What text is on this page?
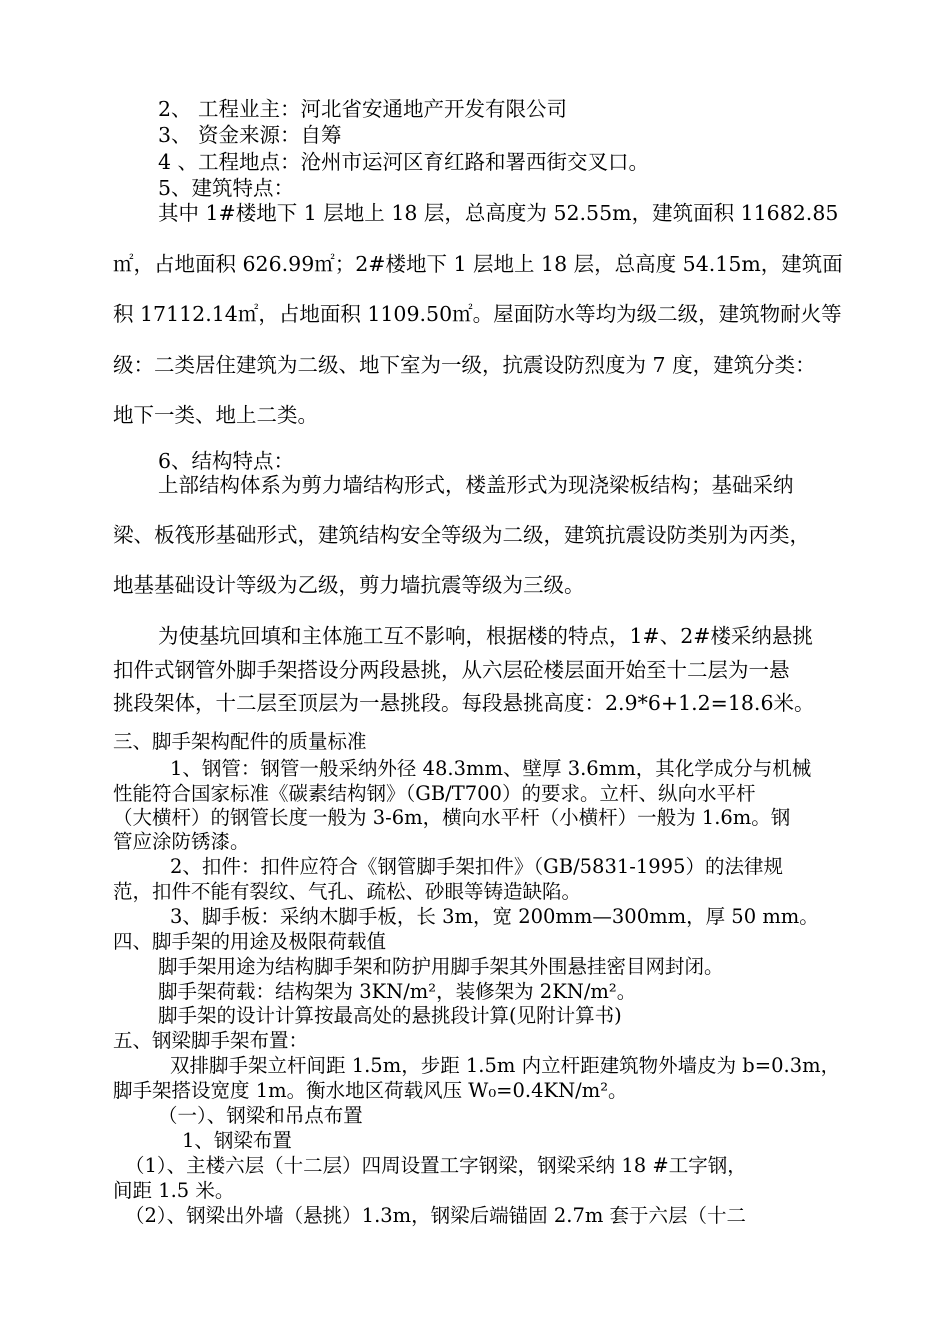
2、 工程业主：河北省安通地产开发有限公司

3、 资金来源：自筹

4 、工程地点：沧州市运河区育红路和署西街交叉口。

5、建筑特点：

其中 1#楼地下 1 层地上 18 层，总高度为 52.55m，建筑面积 11682.85

㎡，占地面积 626.99㎡；2#楼地下 1 层地上 18 层，总高度 54.15m，建筑面

积 17112.14㎡，占地面积 1109.50㎡。屋面防水等均为级二级，建筑物耐火等

级：二类居住建筑为二级、地下室为一级，抗震设防烈度为 7 度，建筑分类：

地下一类、地上二类。

6、结构特点：

上部结构体系为剪力墙结构形式，楼盖形式为现浇梁板结构；基础采纳

梁、板筏形基础形式，建筑结构安全等级为二级，建筑抗震设防类别为丙类，

地基基础设计等级为乙级，剪力墙抗震等级为三级。

为使基坑回填和主体施工互不影响，根据楼的特点，1#、2#楼采纳悬挑

扣件式钢管外脚手架搭设分两段悬挑，从六层砼楼层面开始至十二层为一悬

挑段架体，十二层至顶层为一悬挑段。每段悬挑高度：2.9*6+1.2=18.6米。

三、脚手架构配件的质量标准

1、钢管：钢管一般采纳外径 48.3mm、壁厚 3.6mm，其化学成分与机械

性能符合国家标准《碳素结构钢》（GB/T700）的要求。立杆、纵向水平杆

（大横杆）的钢管长度一般为 3-6m，横向水平杆（小横杆）一般为 1.6m。钢

管应涂防锈漆。

2、扣件：扣件应符合《钢管脚手架扣件》（GB/5831-1995）的法律规

范，扣件不能有裂纹、气孔、疏松、砂眼等铸造缺陷。

3、脚手板：采纳木脚手板，长 3m，宽 200mm—300mm，厚 50 mm。

四、脚手架的用途及极限荷载值

脚手架用途为结构脚手架和防护用脚手架其外围悬挂密目网封闭。

脚手架荷载：结构架为 3KN/m²，装修架为 2KN/m²。

脚手架的设计计算按最高处的悬挑段计算(见附计算书)

五、钢梁脚手架布置：

双排脚手架立杆间距 1.5m，步距 1.5m 内立杆距建筑物外墙皮为 b=0.3m，

脚手架搭设宽度 1m。衡水地区荷载风压 W₀=0.4KN/m²。

（一）、钢梁和吊点布置

1、钢梁布置

（1）、主楼六层（十二层）四周设置工字钢梁，钢梁采纳 18 #工字钢，

间距 1.5 米。

（2）、钢梁出外墙（悬挑）1.3m，钢梁后端锚固 2.7m 套于六层（十二
